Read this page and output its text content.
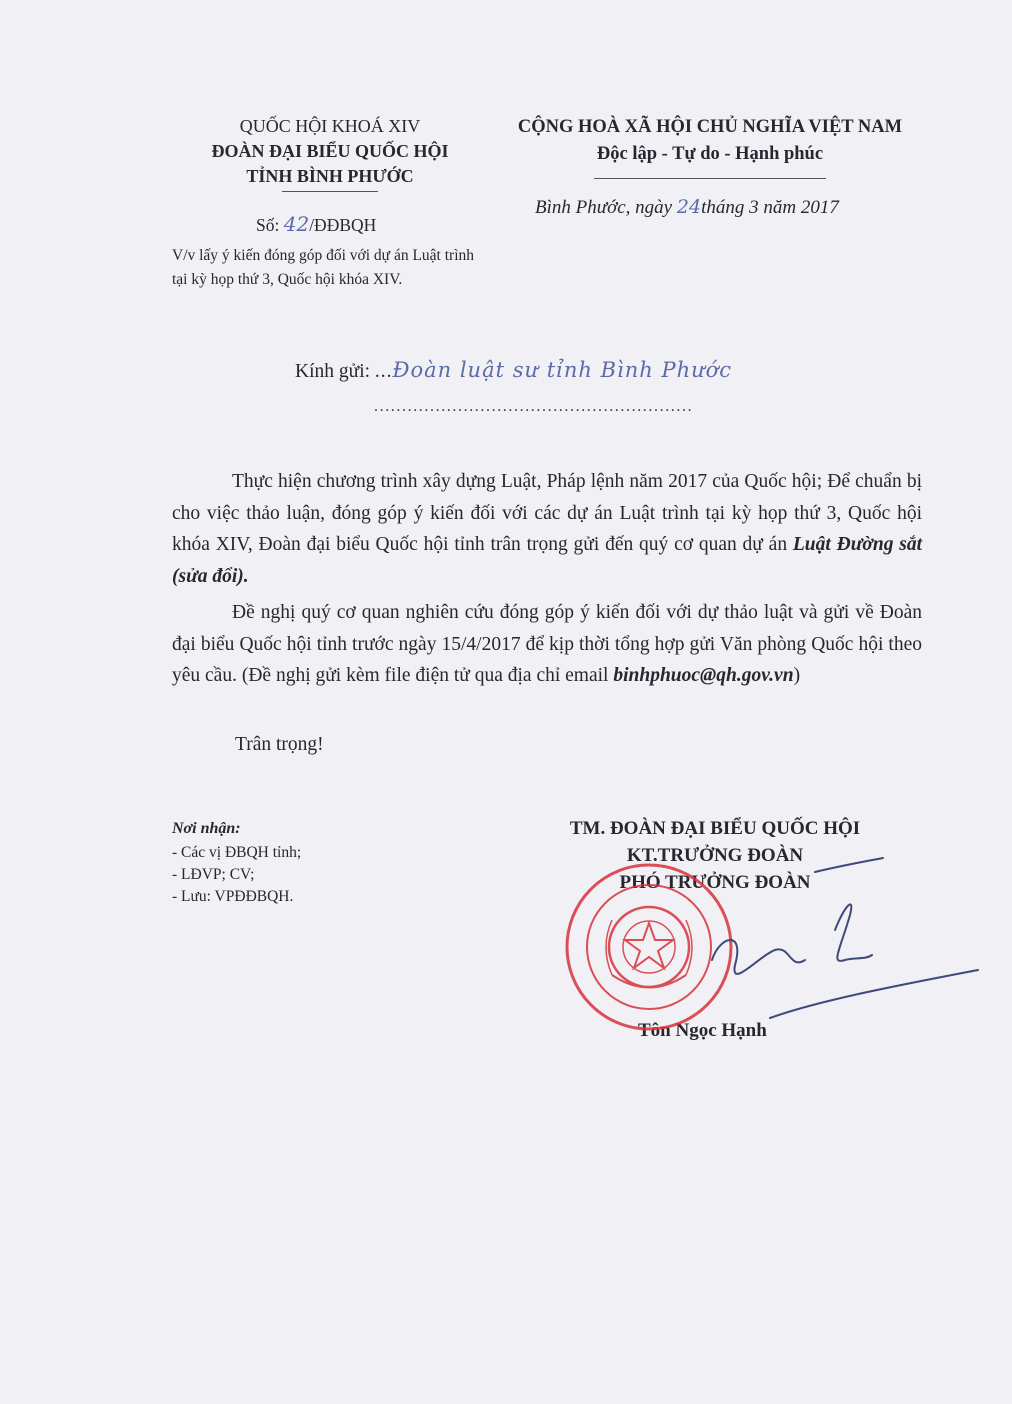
QUỐC HỘI KHOÁ XIV
ĐOÀN ĐẠI BIỂU QUỐC HỘI
TỈNH BÌNH PHƯỚC
CỘNG HOÀ XÃ HỘI CHỦ NGHĨA VIỆT NAM
Độc lập - Tự do - Hạnh phúc
Bình Phước, ngày 24tháng 3 năm 2017
Số: 42/ĐĐBQH
V/v lấy ý kiến đóng góp đối với dự án Luật trình tại kỳ họp thứ 3, Quốc hội khóa XIV.
Kính gửi: ...Đoàn luật sư tỉnh Bình Phước
.........................................................

Thực hiện chương trình xây dựng Luật, Pháp lệnh năm 2017 của Quốc hội; Để chuẩn bị cho việc thảo luận, đóng góp ý kiến đối với các dự án Luật trình tại kỳ họp thứ 3, Quốc hội khóa XIV, Đoàn đại biểu Quốc hội tỉnh trân trọng gửi đến quý cơ quan dự án Luật Đường sắt (sửa đổi).

Đề nghị quý cơ quan nghiên cứu đóng góp ý kiến đối với dự thảo luật và gửi về Đoàn đại biểu Quốc hội tỉnh trước ngày 15/4/2017 để kịp thời tổng hợp gửi Văn phòng Quốc hội theo yêu cầu. (Đề nghị gửi kèm file điện tử qua địa chỉ email binhphuoc@qh.gov.vn)

Trân trọng!
Nơi nhận:
- Các vị ĐBQH tỉnh;
- LĐVP; CV;
- Lưu: VPĐĐBQH.
TM. ĐOÀN ĐẠI BIỂU QUỐC HỘI
KT.TRƯỞNG ĐOÀN
PHÓ TRƯỞNG ĐOÀN
Tôn Ngọc Hạnh
